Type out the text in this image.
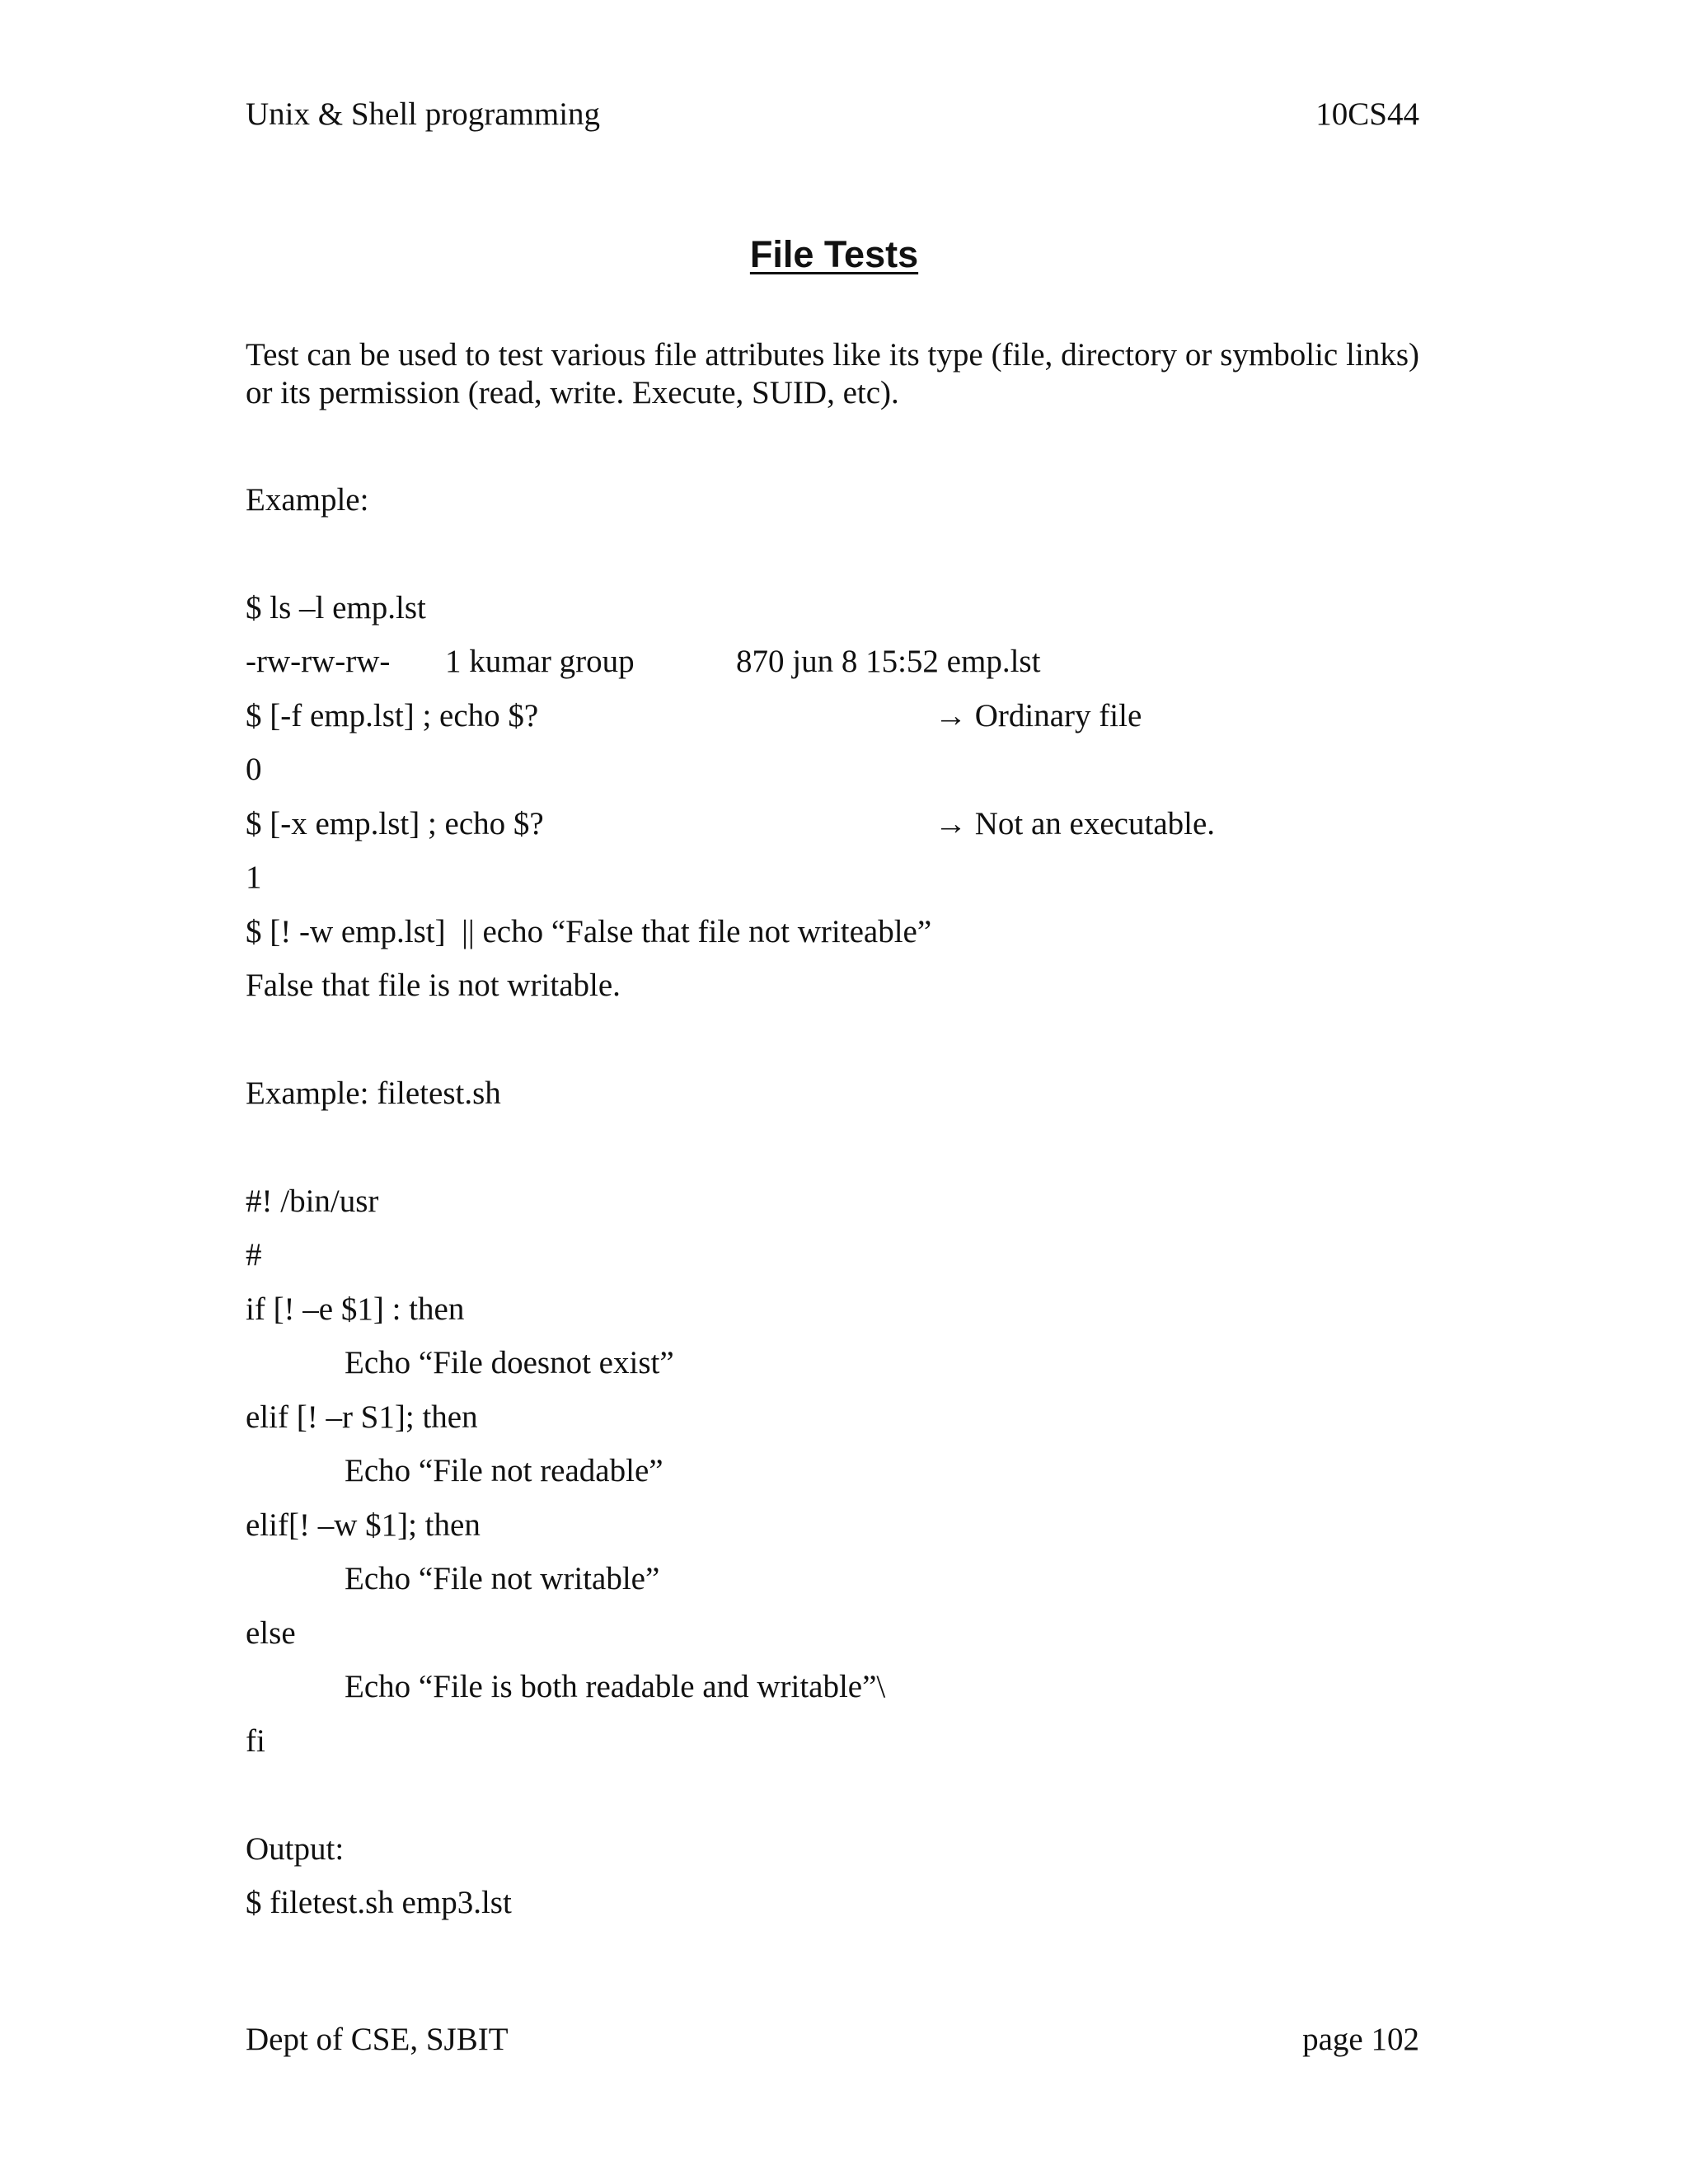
Unix & Shell programming	10CS44
File Tests
Test can be used to test various file attributes like its type (file, directory or symbolic links) or its permission (read, write. Execute, SUID, etc).
Example:
$ ls –l emp.lst
-rw-rw-rw- 1 kumar group	870 jun 8 15:52 emp.lst
$ [-f emp.lst] ; echo $?	→ Ordinary file
0
$ [-x emp.lst] ; echo $?	→ Not an executable.
1
$ [! -w emp.lst]  || echo “False that file not writeable”
False that file is not writable.
Example: filetest.sh
#! /bin/usr
#
if [! –e $1] : then
Echo “File doesnot exist”
elif [! –r S1]; then
Echo “File not readable”
elif[! –w $1]; then
Echo “File not writable”
else
Echo “File is both readable and writable”\
fi
Output:
$ filetest.sh emp3.lst
Dept of CSE, SJBIT	page 102
